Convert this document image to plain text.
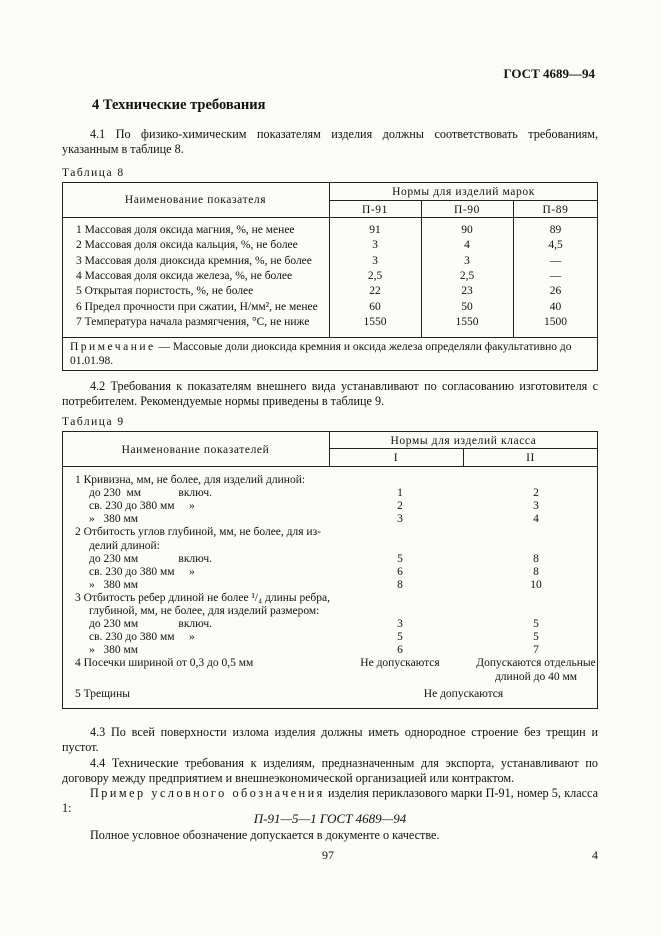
ГОСТ 4689—94
4 Технические требования
4.1 По физико-химическим показателям изделия должны соответствовать требованиям, указанным в таблице 8.
Таблица 8
Наименование показателя
Нормы для изделий марок
П-91	П-90	П-89
1 Массовая доля оксида магния, %, не менее	91	90	89
2 Массовая доля оксида кальция, %, не более	3	4	4,5
3 Массовая доля диоксида кремния, %, не более	3	3	—
4 Массовая доля оксида железа, %, не более	2,5	2,5	—
5 Открытая пористость, %, не более	22	23	26
6 Предел прочности при сжатии, Н/мм², не менее	60	50	40
7 Температура начала размягчения, °С, не ниже	1550	1550	1500
Примечание — Массовые доли диоксида кремния и оксида железа определяли факультативно до 01.01.98.
4.2 Требования к показателям внешнего вида устанавливают по согласованию изготовителя с потребителем. Рекомендуемые нормы приведены в таблице 9.
Таблица 9
Наименование показателей
Нормы для изделий класса
I	II
1 Кривизна, мм, не более, для изделий длиной:
до 230  мм             включ.	1	2
св. 230 до 380 мм     »	2	3
»   380 мм	3	4
2 Отбитость углов глубиной, мм, не более, для из-
делий длиной:
до 230 мм              включ.	5	8
св. 230 до 380 мм     »	6	8
»   380 мм	8	10
3 Отбитость ребер длиной не более ¹/₄ длины ребра,
глубиной, мм, не более, для изделий размером:
до 230 мм              включ.	3	5
св. 230 до 380 мм     »	5	5
»   380 мм	6	7
4 Посечки шириной от 0,3 до 0,5 мм	Не допускаются	Допускаются отдельные
длиной до 40 мм
5 Трещины	Не допускаются
4.3 По всей поверхности излома изделия должны иметь однородное строение без трещин и пустот.
4.4 Технические требования к изделиям, предназначенным для экспорта, устанавливают по договору между предприятием и внешнеэкономической организацией или контрактом.
Пример условного обозначения изделия периклазового марки П-91, номер 5, класса 1:
П-91—5—1 ГОСТ 4689—94
Полное условное обозначение допускается в документе о качестве.
97	4
